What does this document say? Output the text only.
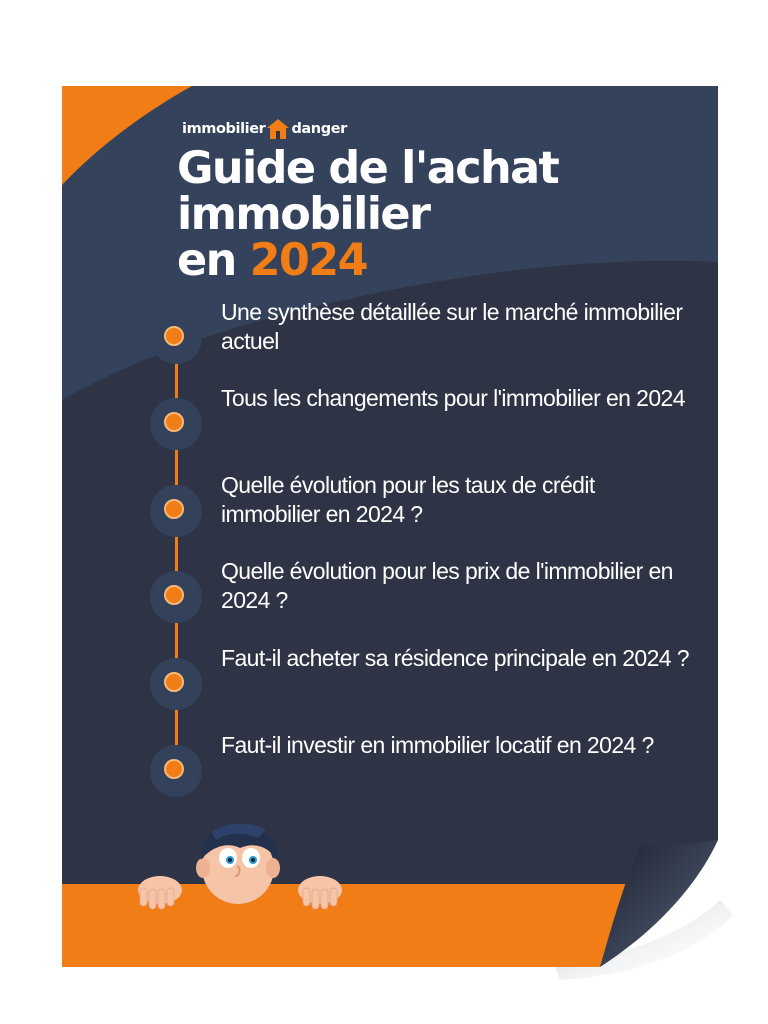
immobilier danger
Guide de l'achat
immobilier
en 2024
Une synthèse détaillée sur le marché immobilier actuel
Tous les changements pour l'immobilier en 2024
Quelle évolution pour les taux de crédit immobilier en 2024 ?
Quelle évolution pour les prix de l'immobilier en 2024 ?
Faut-il acheter sa résidence principale en 2024 ?
Faut-il investir en immobilier locatif en 2024 ?
